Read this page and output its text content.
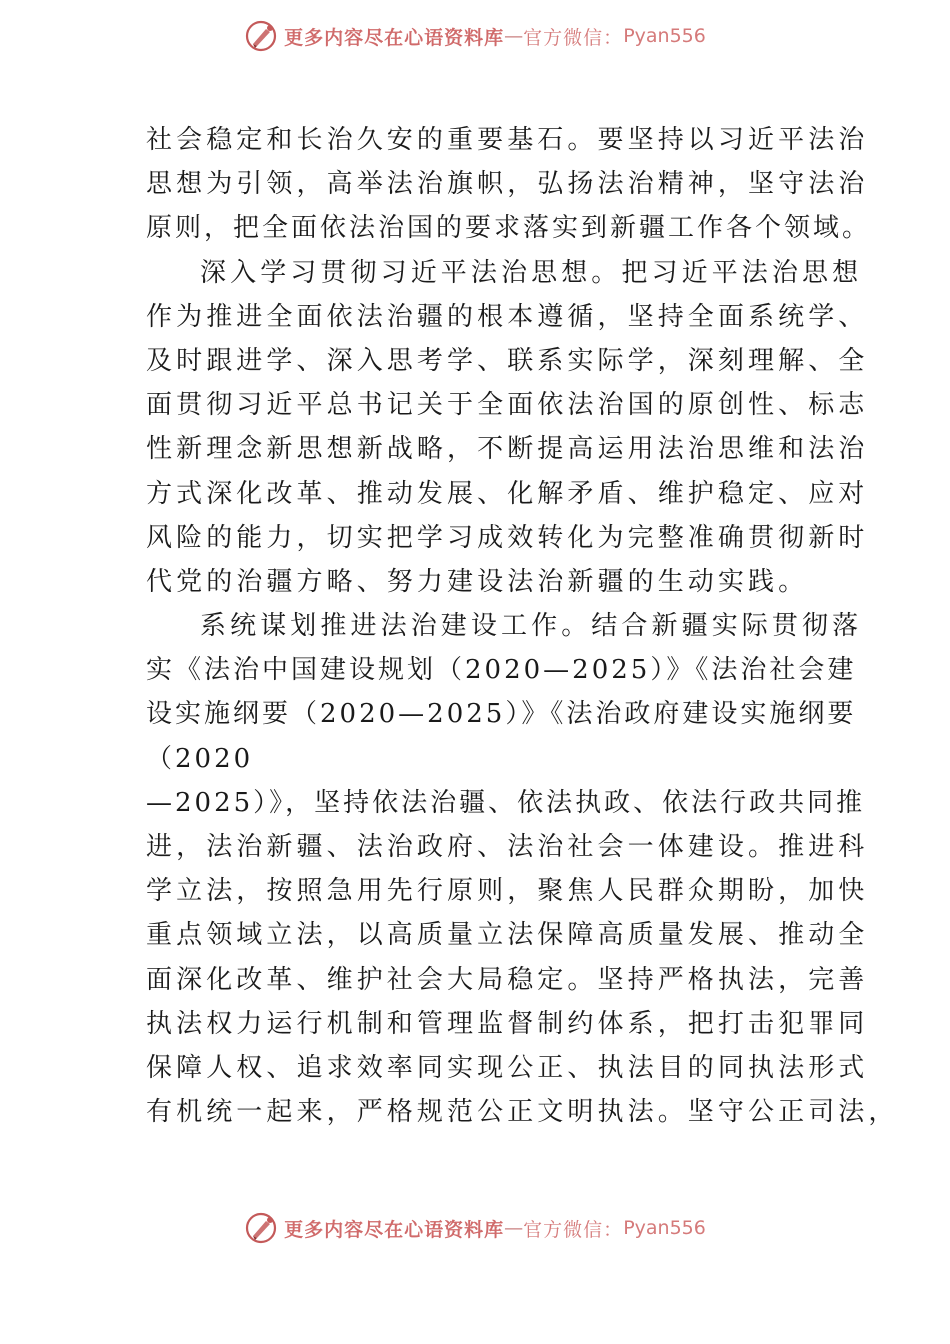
更多内容尽在心语资料库 — 官方微信： Pyan556
社会稳定和长治久安的重要基石。要坚持以习近平法治
思想为引领，高举法治旗帜，弘扬法治精神，坚守法治
原则，把全面依法治国的要求落实到新疆工作各个领域。
深入学习贯彻习近平法治思想。把习近平法治思想
作为推进全面依法治疆的根本遵循，坚持全面系统学、
及时跟进学、深入思考学、联系实际学，深刻理解、全
面贯彻习近平总书记关于全面依法治国的原创性、标志
性新理念新思想新战略，不断提高运用法治思维和法治
方式深化改革、推动发展、化解矛盾、维护稳定、应对
风险的能力，切实把学习成效转化为完整准确贯彻新时
代党的治疆方略、努力建设法治新疆的生动实践。
系统谋划推进法治建设工作。结合新疆实际贯彻落
实《法治中国建设规划（2020—2025）》《法治社会建
设实施纲要（2020—2025）》《法治政府建设实施纲要
（2020
—2025）》，坚持依法治疆、依法执政、依法行政共同推
进，法治新疆、法治政府、法治社会一体建设。推进科
学立法，按照急用先行原则，聚焦人民群众期盼，加快
重点领域立法，以高质量立法保障高质量发展、推动全
面深化改革、维护社会大局稳定。坚持严格执法，完善
执法权力运行机制和管理监督制约体系，把打击犯罪同
保障人权、追求效率同实现公正、执法目的同执法形式
有机统一起来，严格规范公正文明执法。坚守公正司法，
更多内容尽在心语资料库 — 官方微信： Pyan556
